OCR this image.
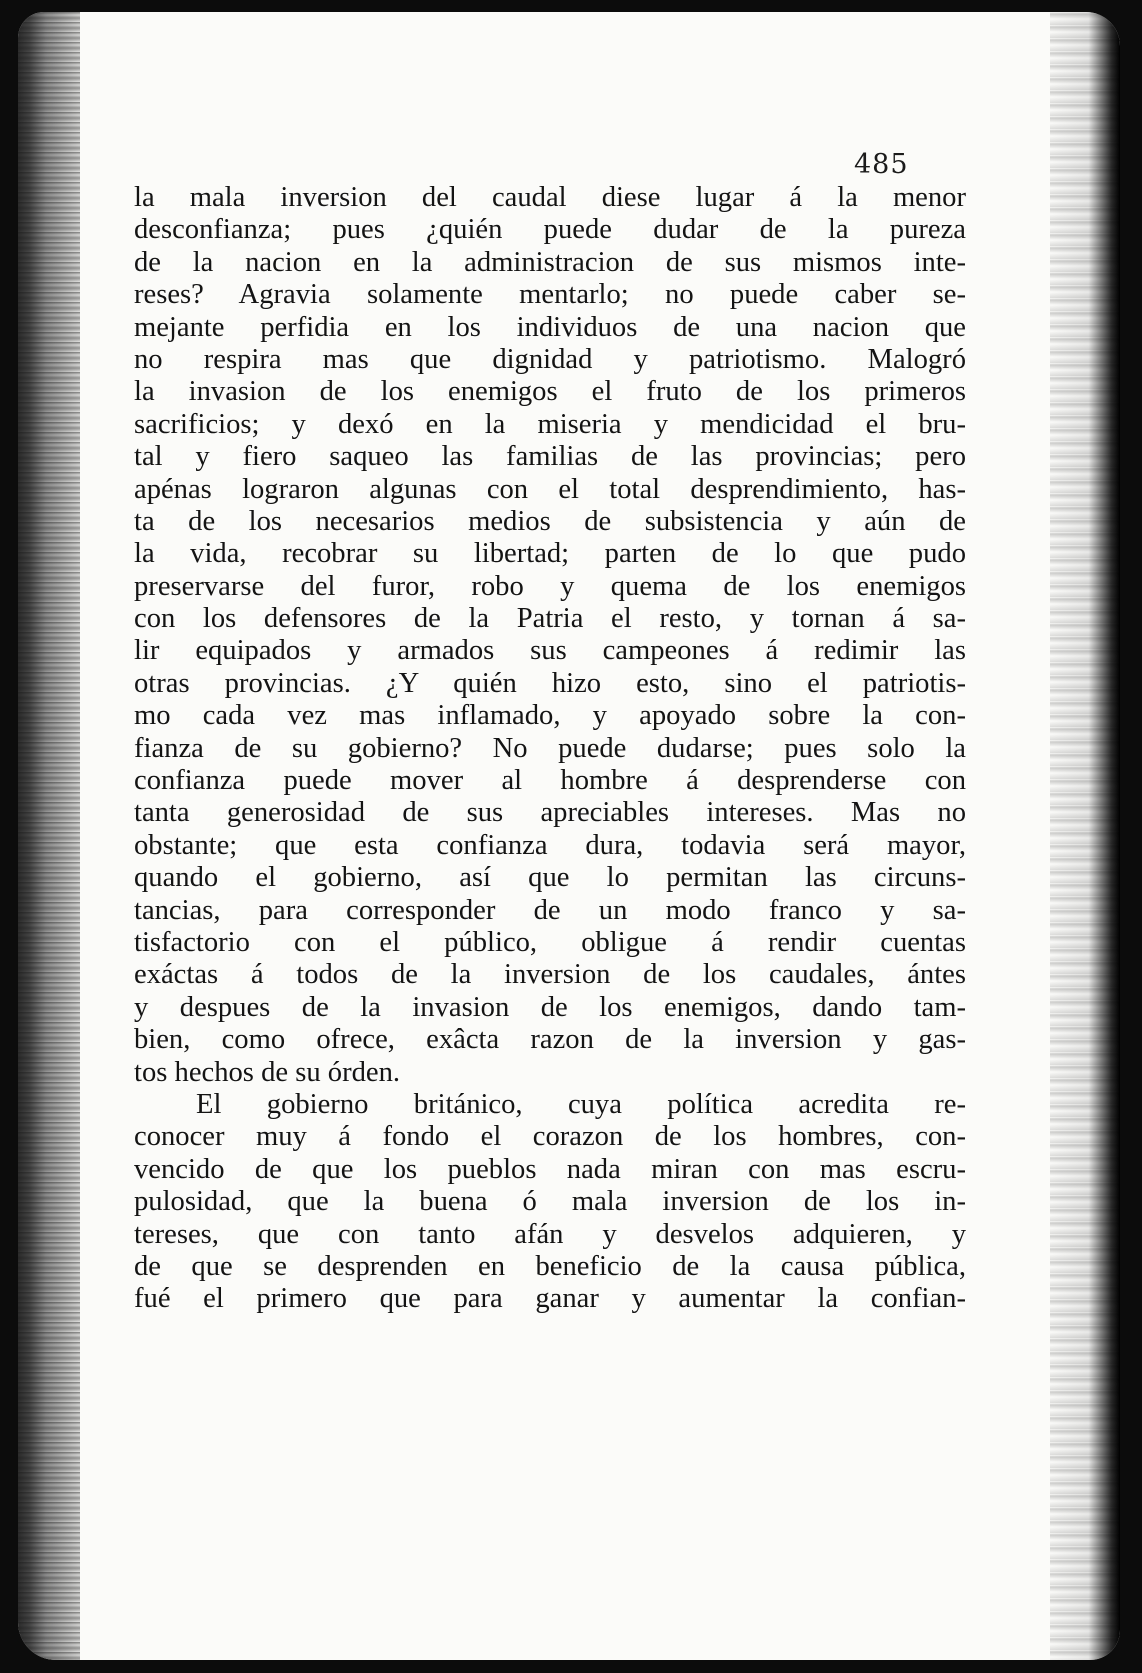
485
la mala inversion del caudal diese lugar á la menor
desconfianza; pues ¿quién puede dudar de la pureza
de la nacion en la administracion de sus mismos inte-
reses? Agravia solamente mentarlo; no puede caber se-
mejante perfidia en los individuos de una nacion que
no respira mas que dignidad y patriotismo. Malogró
la invasion de los enemigos el fruto de los primeros
sacrificios; y dexó en la miseria y mendicidad el bru-
tal y fiero saqueo las familias de las provincias; pero
apénas lograron algunas con el total desprendimiento, has-
ta de los necesarios medios de subsistencia y aún de
la vida, recobrar su libertad; parten de lo que pudo
preservarse del furor, robo y quema de los enemigos
con los defensores de la Patria el resto, y tornan á sa-
lir equipados y armados sus campeones á redimir las
otras provincias. ¿Y quién hizo esto, sino el patriotis-
mo cada vez mas inflamado, y apoyado sobre la con-
fianza de su gobierno? No puede dudarse; pues solo la
confianza puede mover al hombre á desprenderse con
tanta generosidad de sus apreciables intereses. Mas no
obstante; que esta confianza dura, todavia será mayor,
quando el gobierno, así que lo permitan las circuns-
tancias, para corresponder de un modo franco y sa-
tisfactorio con el público, obligue á rendir cuentas
exáctas á todos de la inversion de los caudales, ántes
y despues de la invasion de los enemigos, dando tam-
bien, como ofrece, exâcta razon de la inversion y gas-
tos hechos de su órden.
El gobierno británico, cuya política acredita re-
conocer muy á fondo el corazon de los hombres, con-
vencido de que los pueblos nada miran con mas escru-
pulosidad, que la buena ó mala inversion de los in-
tereses, que con tanto afán y desvelos adquieren, y
de que se desprenden en beneficio de la causa pública,
fué el primero que para ganar y aumentar la confian-
